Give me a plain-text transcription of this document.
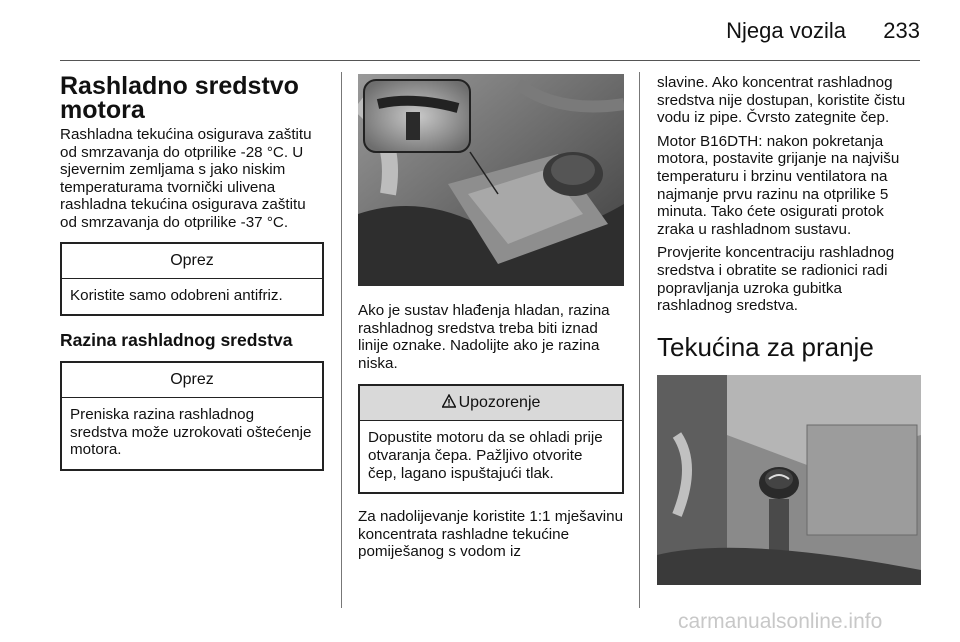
Njega vozila 233
Rashladno sredstvo motora
Rashladna tekućina osigurava zaštitu od smrzavanja do otprilike -28 °C. U sjevernim zemljama s jako niskim temperaturama tvornički ulivena rashladna tekućina osigurava zaštitu od smrzavanja do otprilike -37 °C.
Oprez
Koristite samo odobreni antifriz.
Razina rashladnog sredstva
Oprez
Preniska razina rashladnog sredstva može uzrokovati oštećenje motora.
Ako je sustav hlađenja hladan, razina rashladnog sredstva treba biti iznad linije oznake. Nadolijte ako je razina niska.
Upozorenje
Dopustite motoru da se ohladi prije otvaranja čepa. Pažljivo otvorite čep, lagano ispuštajući tlak.
Za nadolijevanje koristite 1:1 mješavinu koncentrata rashladne tekućine pomiješanog s vodom iz
slavine. Ako koncentrat rashladnog sredstva nije dostupan, koristite čistu vodu iz pipe. Čvrsto zategnite čep.
Motor B16DTH: nakon pokretanja motora, postavite grijanje na najvišu temperaturu i brzinu ventilatora na najmanje prvu razinu na otprilike 5 minuta. Tako ćete osigurati protok zraka u rashladnom sustavu.
Provjerite koncentraciju rashladnog sredstva i obratite se radionici radi popravljanja uzroka gubitka rashladnog sredstva.
Tekućina za pranje
carmanualsonline.info
